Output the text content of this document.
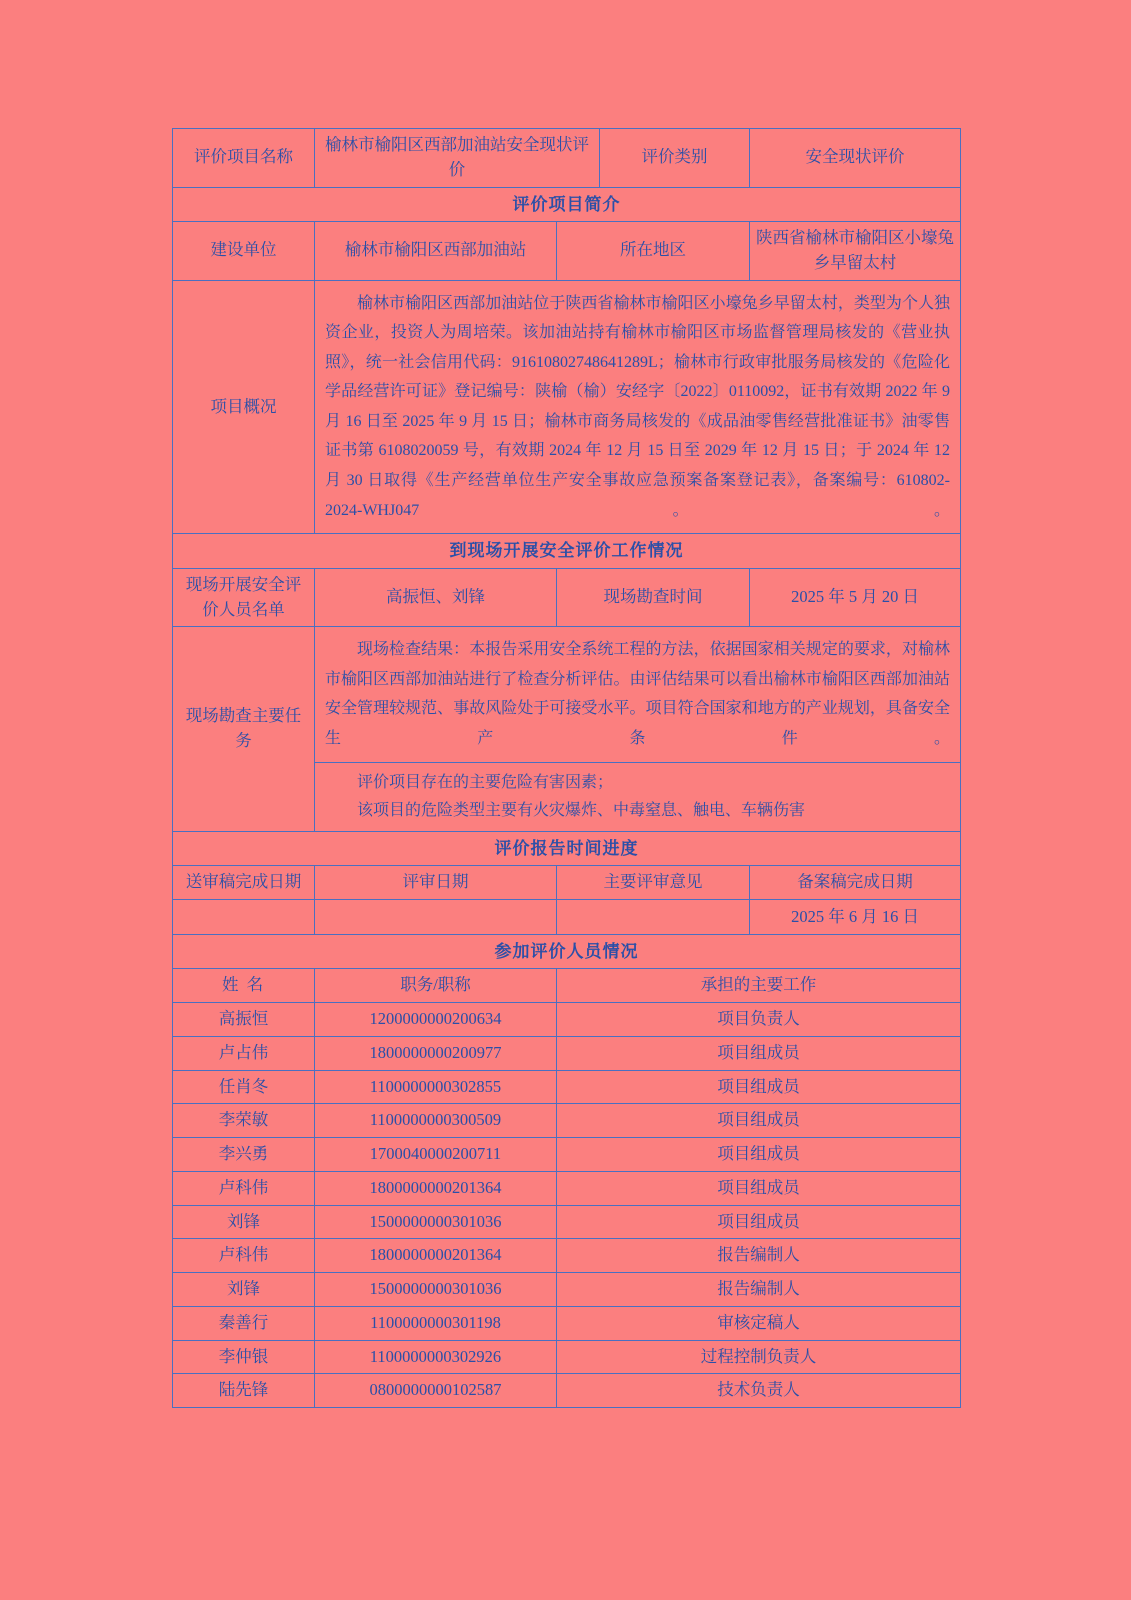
评价项目名称	榆林市榆阳区西部加油站安全现状评价		评价类别	安全现状评价
评价项目简介				
建设单位	榆林市榆阳区西部加油站	所在地区		陕西省榆林市榆阳区小壕兔乡早留太村
项目概况	榆林市榆阳区西部加油站位于陕西省榆林市榆阳区小壕兔乡早留太村，类型为个人独资企业，投资人为周培荣。该加油站持有榆林市榆阳区市场监督管理局核发的《营业执照》，统一社会信用代码：91610802748641289L；榆林市行政审批服务局核发的《危险化学品经营许可证》登记编号：陕榆（榆）安经字〔2022〕0110092，证书有效期 2022 年 9 月 16 日至 2025 年 9 月 15 日；榆林市商务局核发的《成品油零售经营批准证书》油零售证书第 6108020059 号，有效期 2024 年 12 月 15 日至 2029 年 12 月 15 日；于 2024 年 12 月 30 日取得《生产经营单位生产安全事故应急预案备案登记表》，备案编号：610802-2024-WHJ047。。			

到现场开展安全评价工作情况				
现场开展安全评价人员名单	高振恒、刘锋	现场勘查时间		2025 年 5 月 20 日
现场勘查主要任务	现场检查结果：本报告采用安全系统工程的方法，依据国家相关规定的要求，对榆林市榆阳区西部加油站进行了检查分析评估。由评估结果可以看出榆林市榆阳区西部加油站安全管理较规范、事故风险处于可接受水平。项目符合国家和地方的产业规划，具备安全生产条件。			

	评价项目存在的主要危险有害因素；
该项目的危险类型主要有火灾爆炸、中毒窒息、触电、车辆伤害			

评价报告时间进度				
送审稿完成日期	评审日期	主要评审意见		备案稿完成日期
				2025 年 6 月 16 日
参加评价人员情况				
姓 名	职务/职称	承担的主要工作		
高振恒	1200000000200634	项目负责人		
卢占伟	1800000000200977	项目组成员		
任肖冬	1100000000302855	项目组成员		
李荣敏	1100000000300509	项目组成员		
李兴勇	1700040000200711	项目组成员		
卢科伟	1800000000201364	项目组成员		
刘锋	1500000000301036	项目组成员		
卢科伟	1800000000201364	报告编制人		
刘锋	1500000000301036	报告编制人		
秦善行	1100000000301198	审核定稿人		
李仲银	1100000000302926	过程控制负责人		
陆先锋	0800000000102587	技术负责人		
